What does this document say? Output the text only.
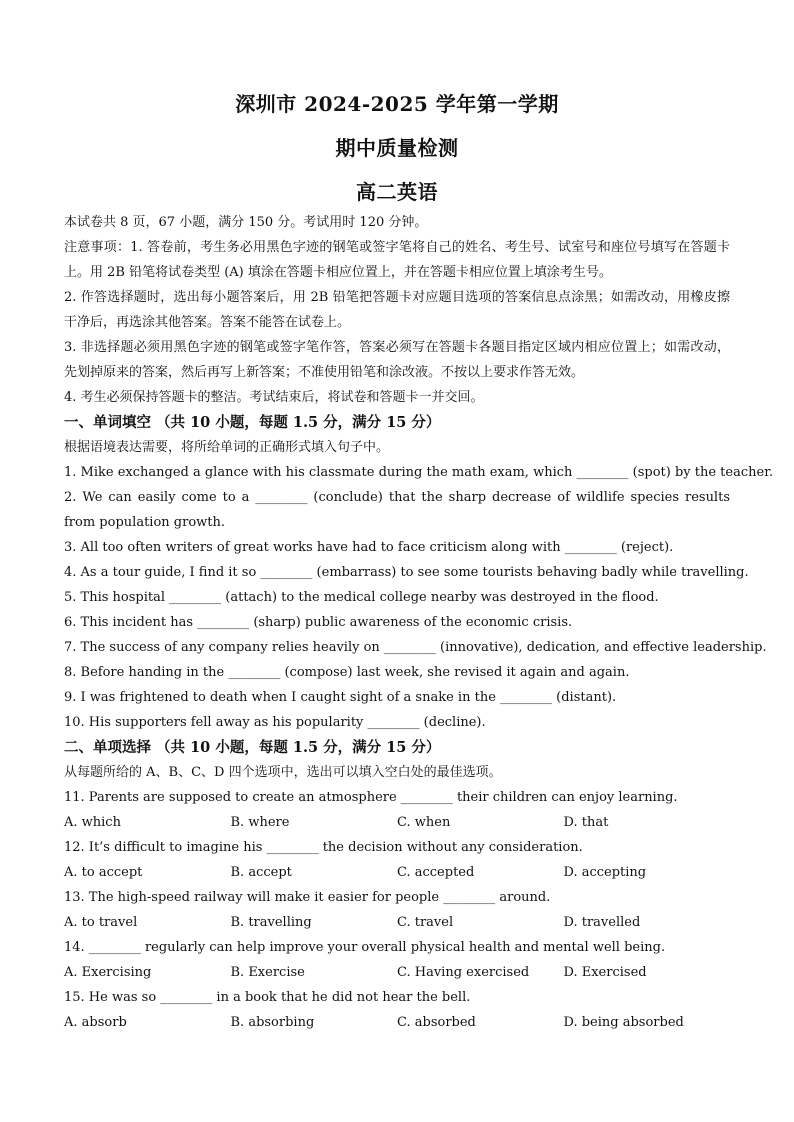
深圳市 2024-2025 学年第一学期
期中质量检测
高二英语

本试卷共 8 页，67 小题，满分 150 分。考试用时 120 分钟。

注意事项：1. 答卷前，考生务必用黑色字迹的钢笔或签字笔将自己的姓名、考生号、试室号和座位号填写在答题卡上。用 2B 铅笔将试卷类型 (A) 填涂在答题卡相应位置上，并在答题卡相应位置上填涂考生号。

2. 作答选择题时，选出每小题答案后，用 2B 铅笔把答题卡对应题目选项的答案信息点涂黑；如需改动，用橡皮擦干净后，再选涂其他答案。答案不能答在试卷上。

3. 非选择题必须用黑色字迹的钢笔或签字笔作答，答案必须写在答题卡各题目指定区域内相应位置上；如需改动，先划掉原来的答案，然后再写上新答案；不准使用铅笔和涂改液。不按以上要求作答无效。

4. 考生必须保持答题卡的整洁。考试结束后，将试卷和答题卡一并交回。

一、单词填空 （共 10 小题，每题 1.5 分，满分 15 分）

根据语境表达需要，将所给单词的正确形式填入句子中。

1. Mike exchanged a glance with his classmate during the math exam, which ________ (spot) by the teacher.

2. We can easily come to a ________ (conclude) that the sharp decrease of wildlife species results from population growth.

3. All too often writers of great works have had to face criticism along with ________ (reject).

4. As a tour guide, I find it so ________ (embarrass) to see some tourists behaving badly while travelling.

5. This hospital ________ (attach) to the medical college nearby was destroyed in the flood.

6. This incident has ________ (sharp) public awareness of the economic crisis.

7. The success of any company relies heavily on ________ (innovative), dedication, and effective leadership.

8. Before handing in the ________ (compose) last week, she revised it again and again.

9. I was frightened to death when I caught sight of a snake in the ________ (distant).

10. His supporters fell away as his popularity ________ (decline).

二、单项选择 （共 10 小题，每题 1.5 分，满分 15 分）

从每题所给的 A、B、C、D 四个选项中，选出可以填入空白处的最佳选项。

11. Parents are supposed to create an atmosphere ________ their children can enjoy learning.

A. which	B. where	C. when	D. that

12. It’s difficult to imagine his ________ the decision without any consideration.

A. to accept	B. accept	C. accepted	D. accepting

13. The high-speed railway will make it easier for people ________ around.

A. to travel	B. travelling	C. travel	D. travelled

14. ________ regularly can help improve your overall physical health and mental well being.

A. Exercising	B. Exercise	C. Having exercised	D. Exercised

15. He was so ________ in a book that he did not hear the bell.

A. absorb	B. absorbing	C. absorbed	D. being absorbed
